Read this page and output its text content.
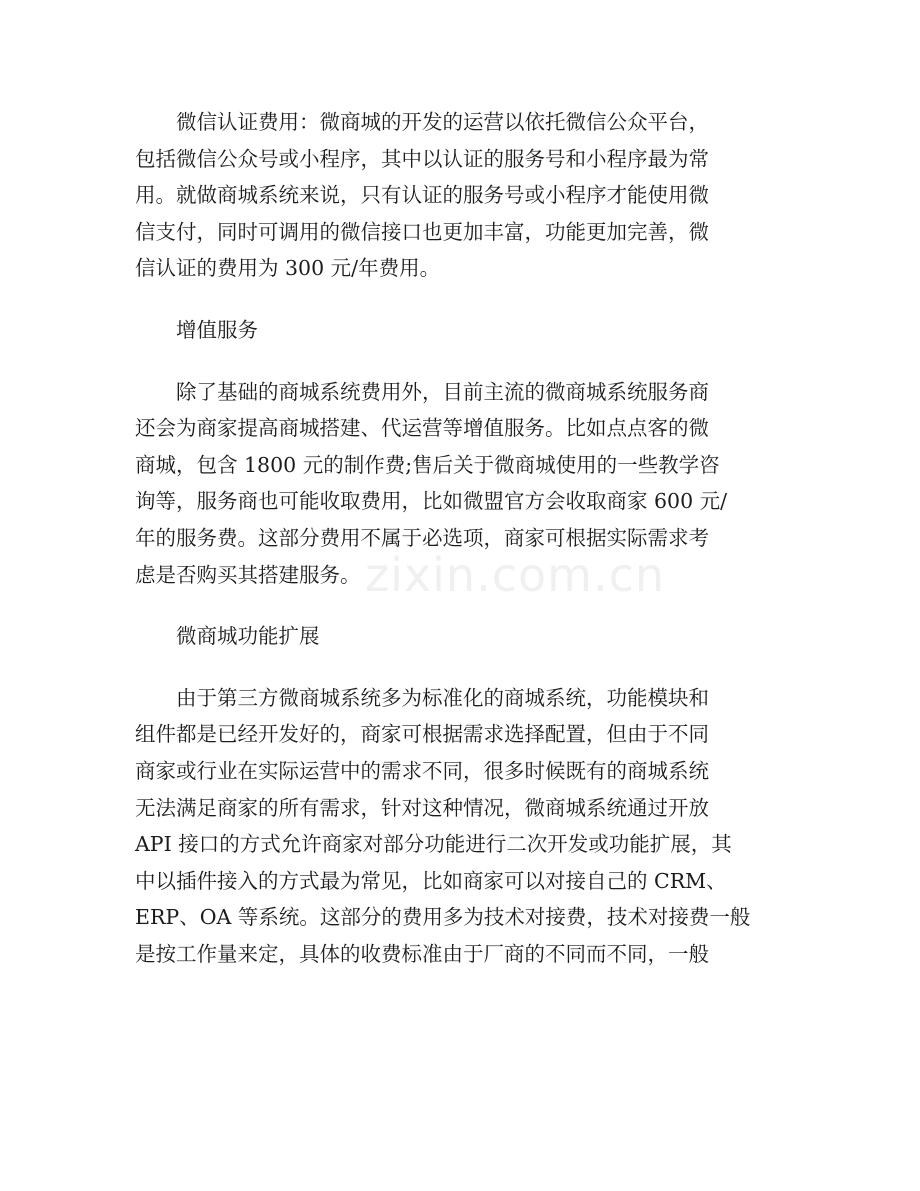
zixin.com.cn
微信认证费用：微商城的开发的运营以依托微信公众平台，
包括微信公众号或小程序，其中以认证的服务号和小程序最为常
用。就做商城系统来说，只有认证的服务号或小程序才能使用微
信支付，同时可调用的微信接口也更加丰富，功能更加完善，微
信认证的费用为 300 元/年费用。
增值服务
除了基础的商城系统费用外，目前主流的微商城系统服务商
还会为商家提高商城搭建、代运营等增值服务。比如点点客的微
商城，包含 1800 元的制作费;售后关于微商城使用的一些教学咨
询等，服务商也可能收取费用，比如微盟官方会收取商家 600 元/
年的服务费。这部分费用不属于必选项，商家可根据实际需求考
虑是否购买其搭建服务。
微商城功能扩展
由于第三方微商城系统多为标准化的商城系统，功能模块和
组件都是已经开发好的，商家可根据需求选择配置，但由于不同
商家或行业在实际运营中的需求不同，很多时候既有的商城系统
无法满足商家的所有需求，针对这种情况，微商城系统通过开放
API 接口的方式允许商家对部分功能进行二次开发或功能扩展，其
中以插件接入的方式最为常见，比如商家可以对接自己的 CRM、
ERP、OA 等系统。这部分的费用多为技术对接费，技术对接费一般
是按工作量来定，具体的收费标准由于厂商的不同而不同，一般
